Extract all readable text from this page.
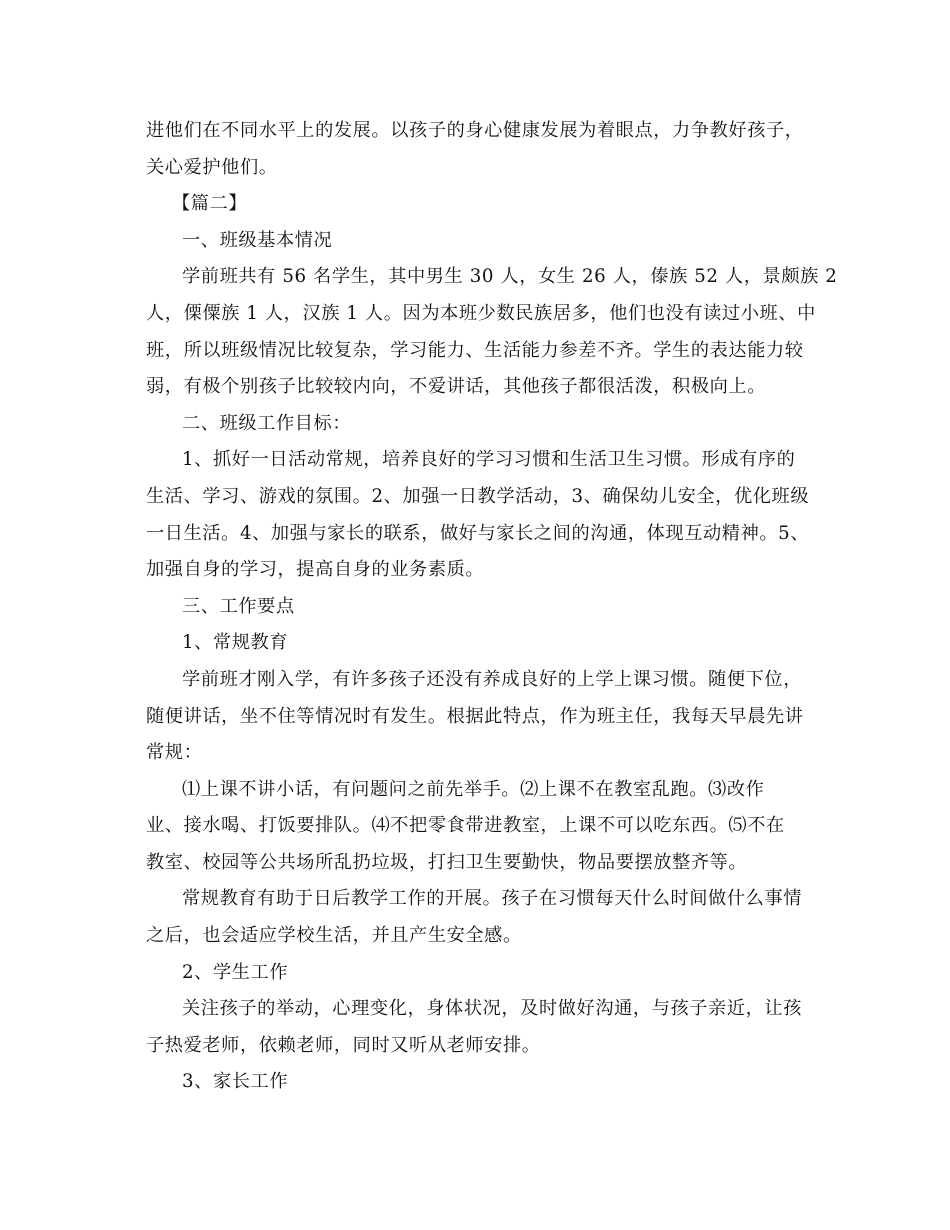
进他们在不同水平上的发展。以孩子的身心健康发展为着眼点，力争教好孩子，
关心爱护他们。
【篇二】
一、班级基本情况
学前班共有 56 名学生，其中男生 30 人，女生 26 人，傣族 52 人，景颇族 2
人，傈僳族 1 人，汉族 1 人。因为本班少数民族居多，他们也没有读过小班、中
班，所以班级情况比较复杂，学习能力、生活能力参差不齐。学生的表达能力较
弱，有极个别孩子比较较内向，不爱讲话，其他孩子都很活泼，积极向上。
二、班级工作目标：
1、抓好一日活动常规，培养良好的学习习惯和生活卫生习惯。形成有序的
生活、学习、游戏的氛围。2、加强一日教学活动，3、确保幼儿安全，优化班级
一日生活。4、加强与家长的联系，做好与家长之间的沟通，体现互动精神。5、
加强自身的学习，提高自身的业务素质。
三、工作要点
1、常规教育
学前班才刚入学，有许多孩子还没有养成良好的上学上课习惯。随便下位，
随便讲话，坐不住等情况时有发生。根据此特点，作为班主任，我每天早晨先讲
常规：
⑴上课不讲小话，有问题问之前先举手。⑵上课不在教室乱跑。⑶改作
业、接水喝、打饭要排队。⑷不把零食带进教室，上课不可以吃东西。⑸不在
教室、校园等公共场所乱扔垃圾，打扫卫生要勤快，物品要摆放整齐等。
常规教育有助于日后教学工作的开展。孩子在习惯每天什么时间做什么事情
之后，也会适应学校生活，并且产生安全感。
2、学生工作
关注孩子的举动，心理变化，身体状况，及时做好沟通，与孩子亲近，让孩
子热爱老师，依赖老师，同时又听从老师安排。
3、家长工作
